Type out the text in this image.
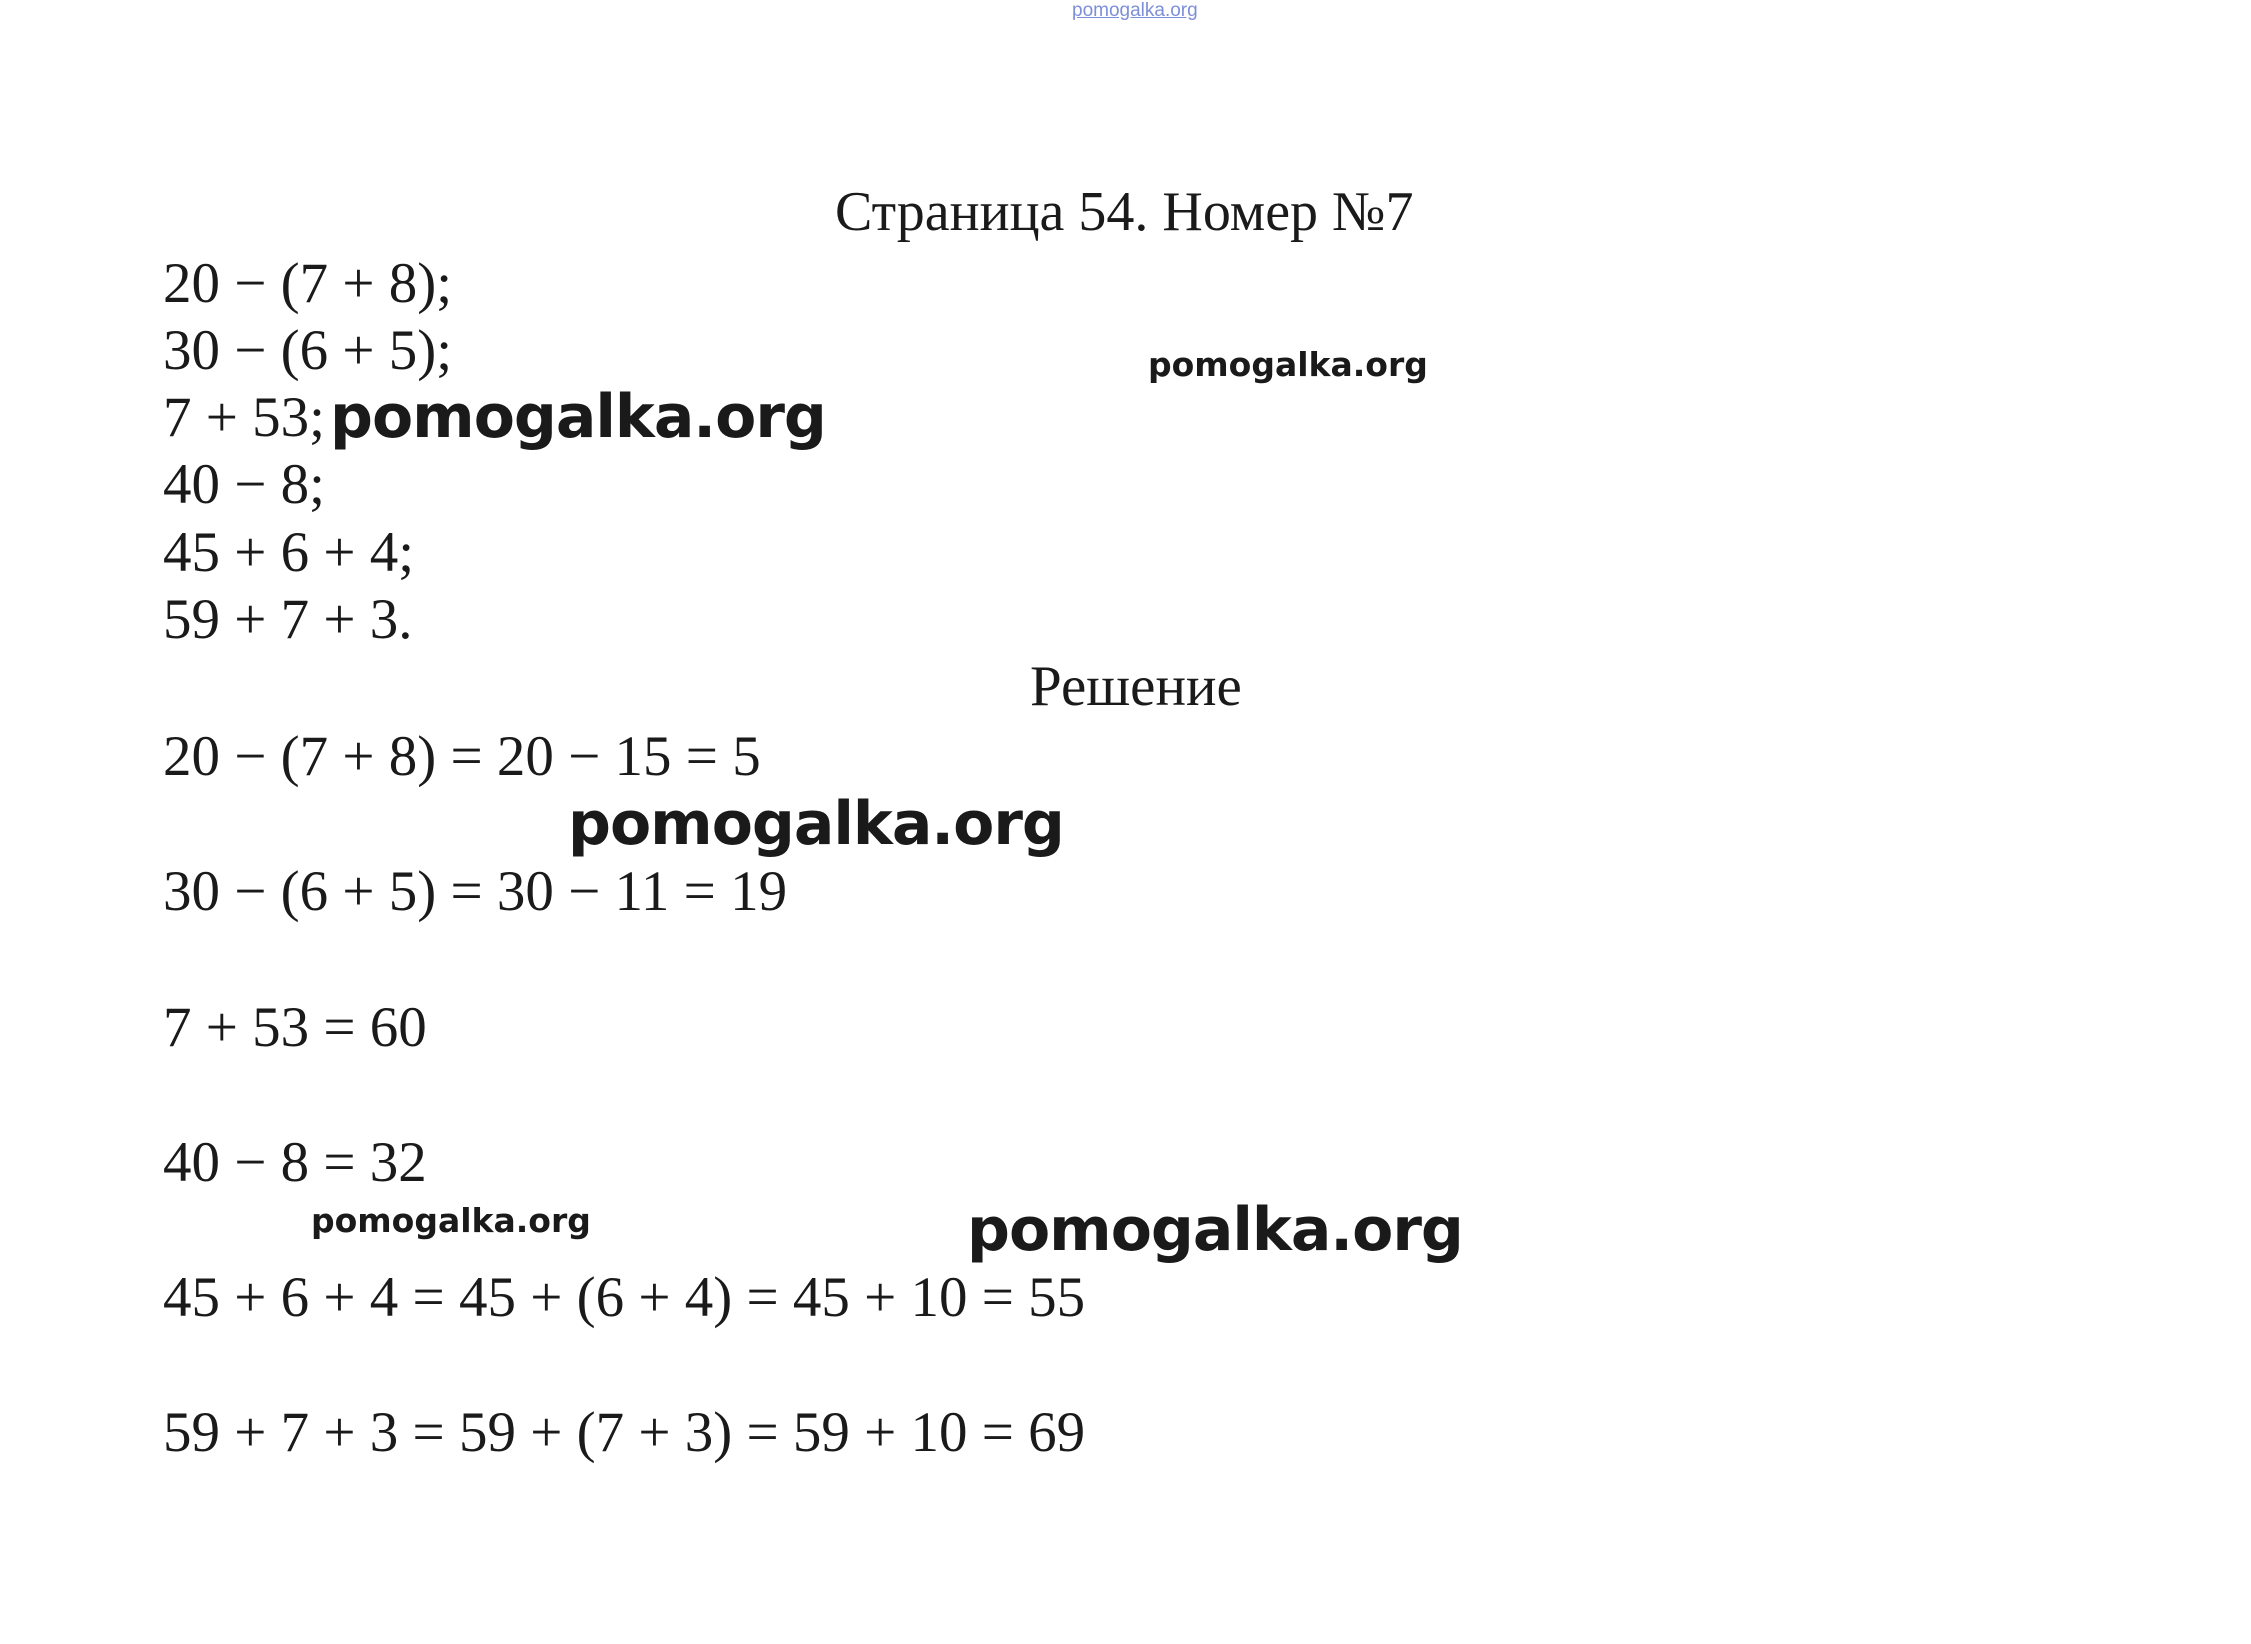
pomogalka.org
Страница 54. Номер №7
20 − (7 + 8);
30 − (6 + 5);
7 + 53;
40 − 8;
45 + 6 + 4;
59 + 7 + 3.
Решение
20 − (7 + 8) = 20 − 15 = 5
30 − (6 + 5) = 30 − 11 = 19
7 + 53 = 60
40 − 8 = 32
45 + 6 + 4 = 45 + (6 + 4) = 45 + 10 = 55
59 + 7 + 3 = 59 + (7 + 3) = 59 + 10 = 69
pomogalka.org
pomogalka.org
pomogalka.org
pomogalka.org	pomogalka.org
